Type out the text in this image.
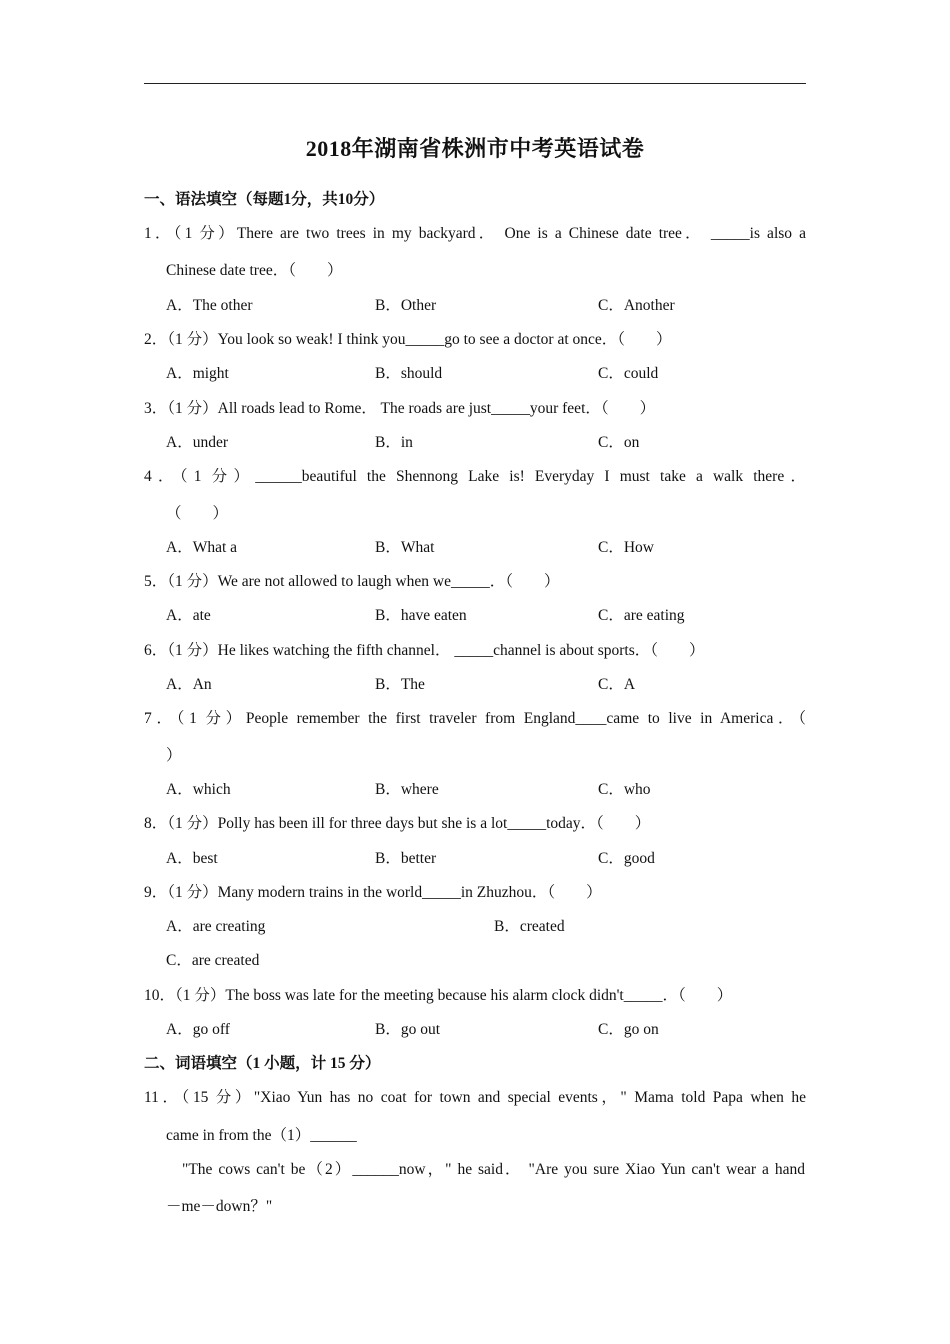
2018年湖南省株洲市中考英语试卷
一、语法填空（每题1分，共10分）
1．（1 分）There are two trees in my backyard． One is a Chinese date tree． _____is also a
Chinese date tree．（　　）
A．The other	B．Other	C．Another
2．（1 分）You look so weak! I think you_____go to see a doctor at once．（　　）
A．might	B．should	C．could
3．（1 分）All roads lead to Rome． The roads are just_____your feet．（　　）
A．under	B．in	C．on
4．（1 分）______beautiful the Shennong Lake is! Everyday I must take a walk there．
（　　）
A．What a	B．What	C．How
5．（1 分）We are not allowed to laugh when we_____．（　　）
A．ate	B．have eaten	C．are eating
6．（1 分）He likes watching the fifth channel． _____channel is about sports．（　　）
A．An	B．The	C．A
7．（1 分）People remember the first traveler from England____came to live in America．（
）
A．which	B．where	C．who
8．（1 分）Polly has been ill for three days but she is a lot_____today．（　　）
A．best	B．better	C．good
9．（1 分）Many modern trains in the world_____in Zhuzhou．（　　）
A．are creating	B．created
C．are created
10．（1 分）The boss was late for the meeting because his alarm clock didn't_____．（　　）
A．go off	B．go out	C．go on
二、词语填空（1 小题，计 15 分）
11．（15 分）"Xiao Yun has no coat for town and special events，" Mama told Papa when he
came in from the（1）______
"The cows can't be（2）______now，" he said． "Are you sure Xiao Yun can't wear a hand
－me－down？"
